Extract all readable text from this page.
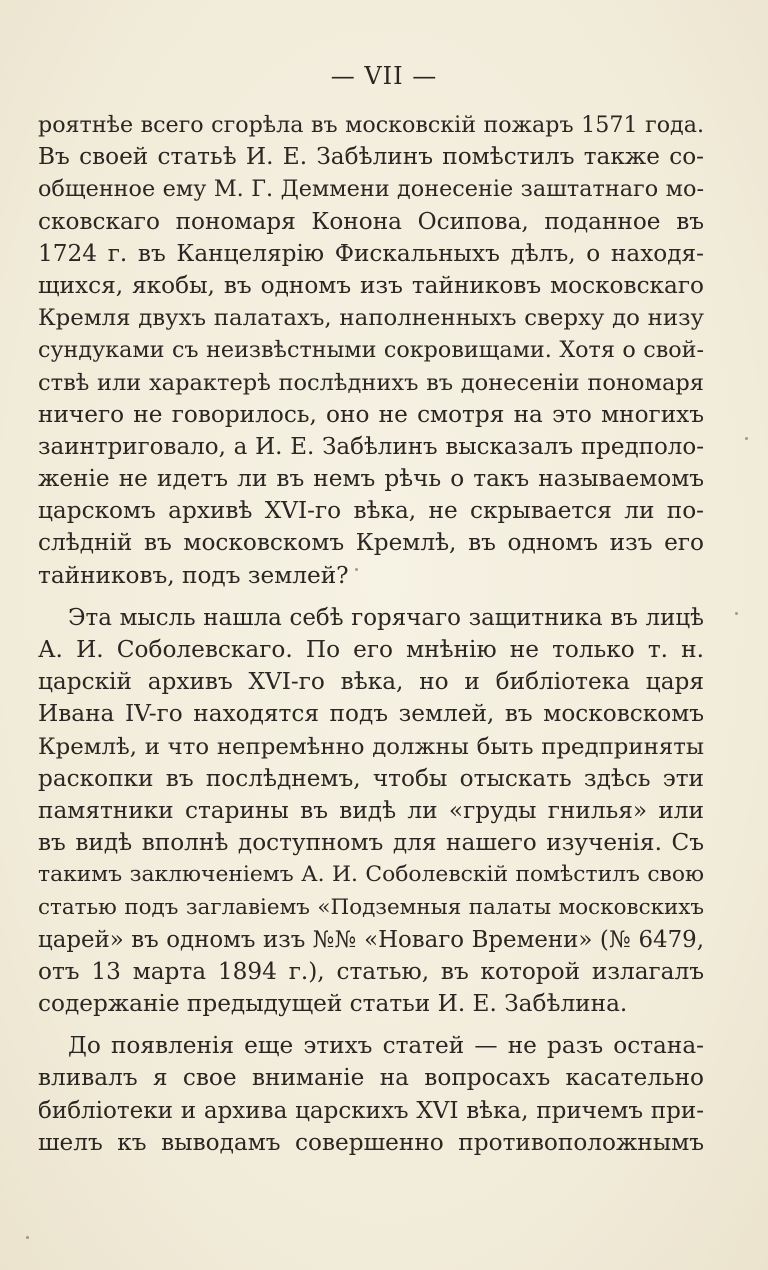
— VII —
роятнѣе всего сгорѣла въ московскій пожаръ 1571 года.
Въ своей статьѣ И. Е. Забѣлинъ помѣстилъ также со-
общенное ему М. Г. Деммени донесеніе заштатнаго мо-
сковскаго пономаря Конона Осипова, поданное въ
1724 г. въ Канцелярію Фискальныхъ дѣлъ, о находя-
щихся, якобы, въ одномъ изъ тайниковъ московскаго
Кремля двухъ палатахъ, наполненныхъ сверху до низу
сундуками съ неизвѣстными сокровищами. Хотя о свой-
ствѣ или характерѣ послѣднихъ въ донесеніи пономаря
ничего не говорилось, оно не смотря на это многихъ
заинтриговало, а И. Е. Забѣлинъ высказалъ предполо-
женіе не идетъ ли въ немъ рѣчь о такъ называемомъ
царскомъ архивѣ XVI-го вѣка, не скрывается ли по-
слѣдній въ московскомъ Кремлѣ, въ одномъ изъ его
тайниковъ, подъ землей?
Эта мысль нашла себѣ горячаго защитника въ лицѣ
А. И. Соболевскаго. По его мнѣнію не только т. н.
царскій архивъ XVI-го вѣка, но и библіотека царя
Ивана IV-го находятся подъ землей, въ московскомъ
Кремлѣ, и что непремѣнно должны быть предприняты
раскопки въ послѣднемъ, чтобы отыскать здѣсь эти
памятники старины въ видѣ ли «груды гнилья» или
въ видѣ вполнѣ доступномъ для нашего изученія. Съ
такимъ заключеніемъ А. И. Соболевскій помѣстилъ свою
статью подъ заглавіемъ «Подземныя палаты московскихъ
царей» въ одномъ изъ №№ «Новаго Времени» (№ 6479,
отъ 13 марта 1894 г.), статью, въ которой излагалъ
содержаніе предыдущей статьи И. Е. Забѣлина.
До появленія еще этихъ статей — не разъ остана-
вливалъ я свое вниманіе на вопросахъ касательно
библіотеки и архива царскихъ XVI вѣка, причемъ при-
шелъ къ выводамъ совершенно противоположнымъ
